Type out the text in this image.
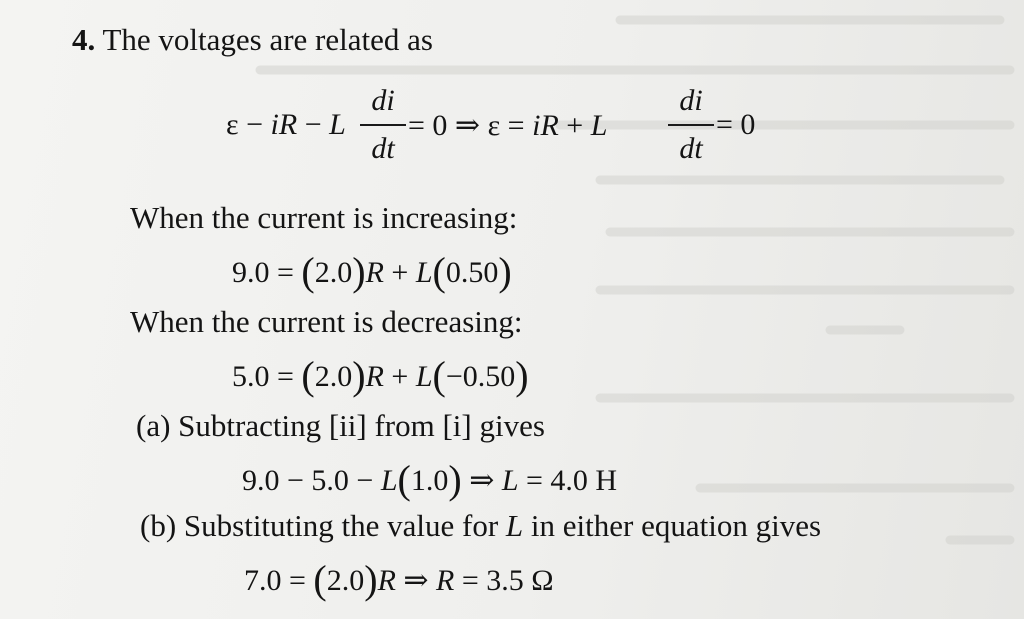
4. The voltages are related as
ε − iR − L
di
dt
= 0 ⇒ ε = iR + L
di
dt
= 0
When the current is increasing:
9.0 = (2.0)R + L(0.50)
When the current is decreasing:
5.0 = (2.0)R + L(−0.50)
(a) Subtracting [ii] from [i] gives
9.0 − 5.0 − L(1.0) ⇒ L = 4.0 H
(b) Substituting the value for L in either equation gives
7.0 = (2.0)R ⇒ R = 3.5 Ω
